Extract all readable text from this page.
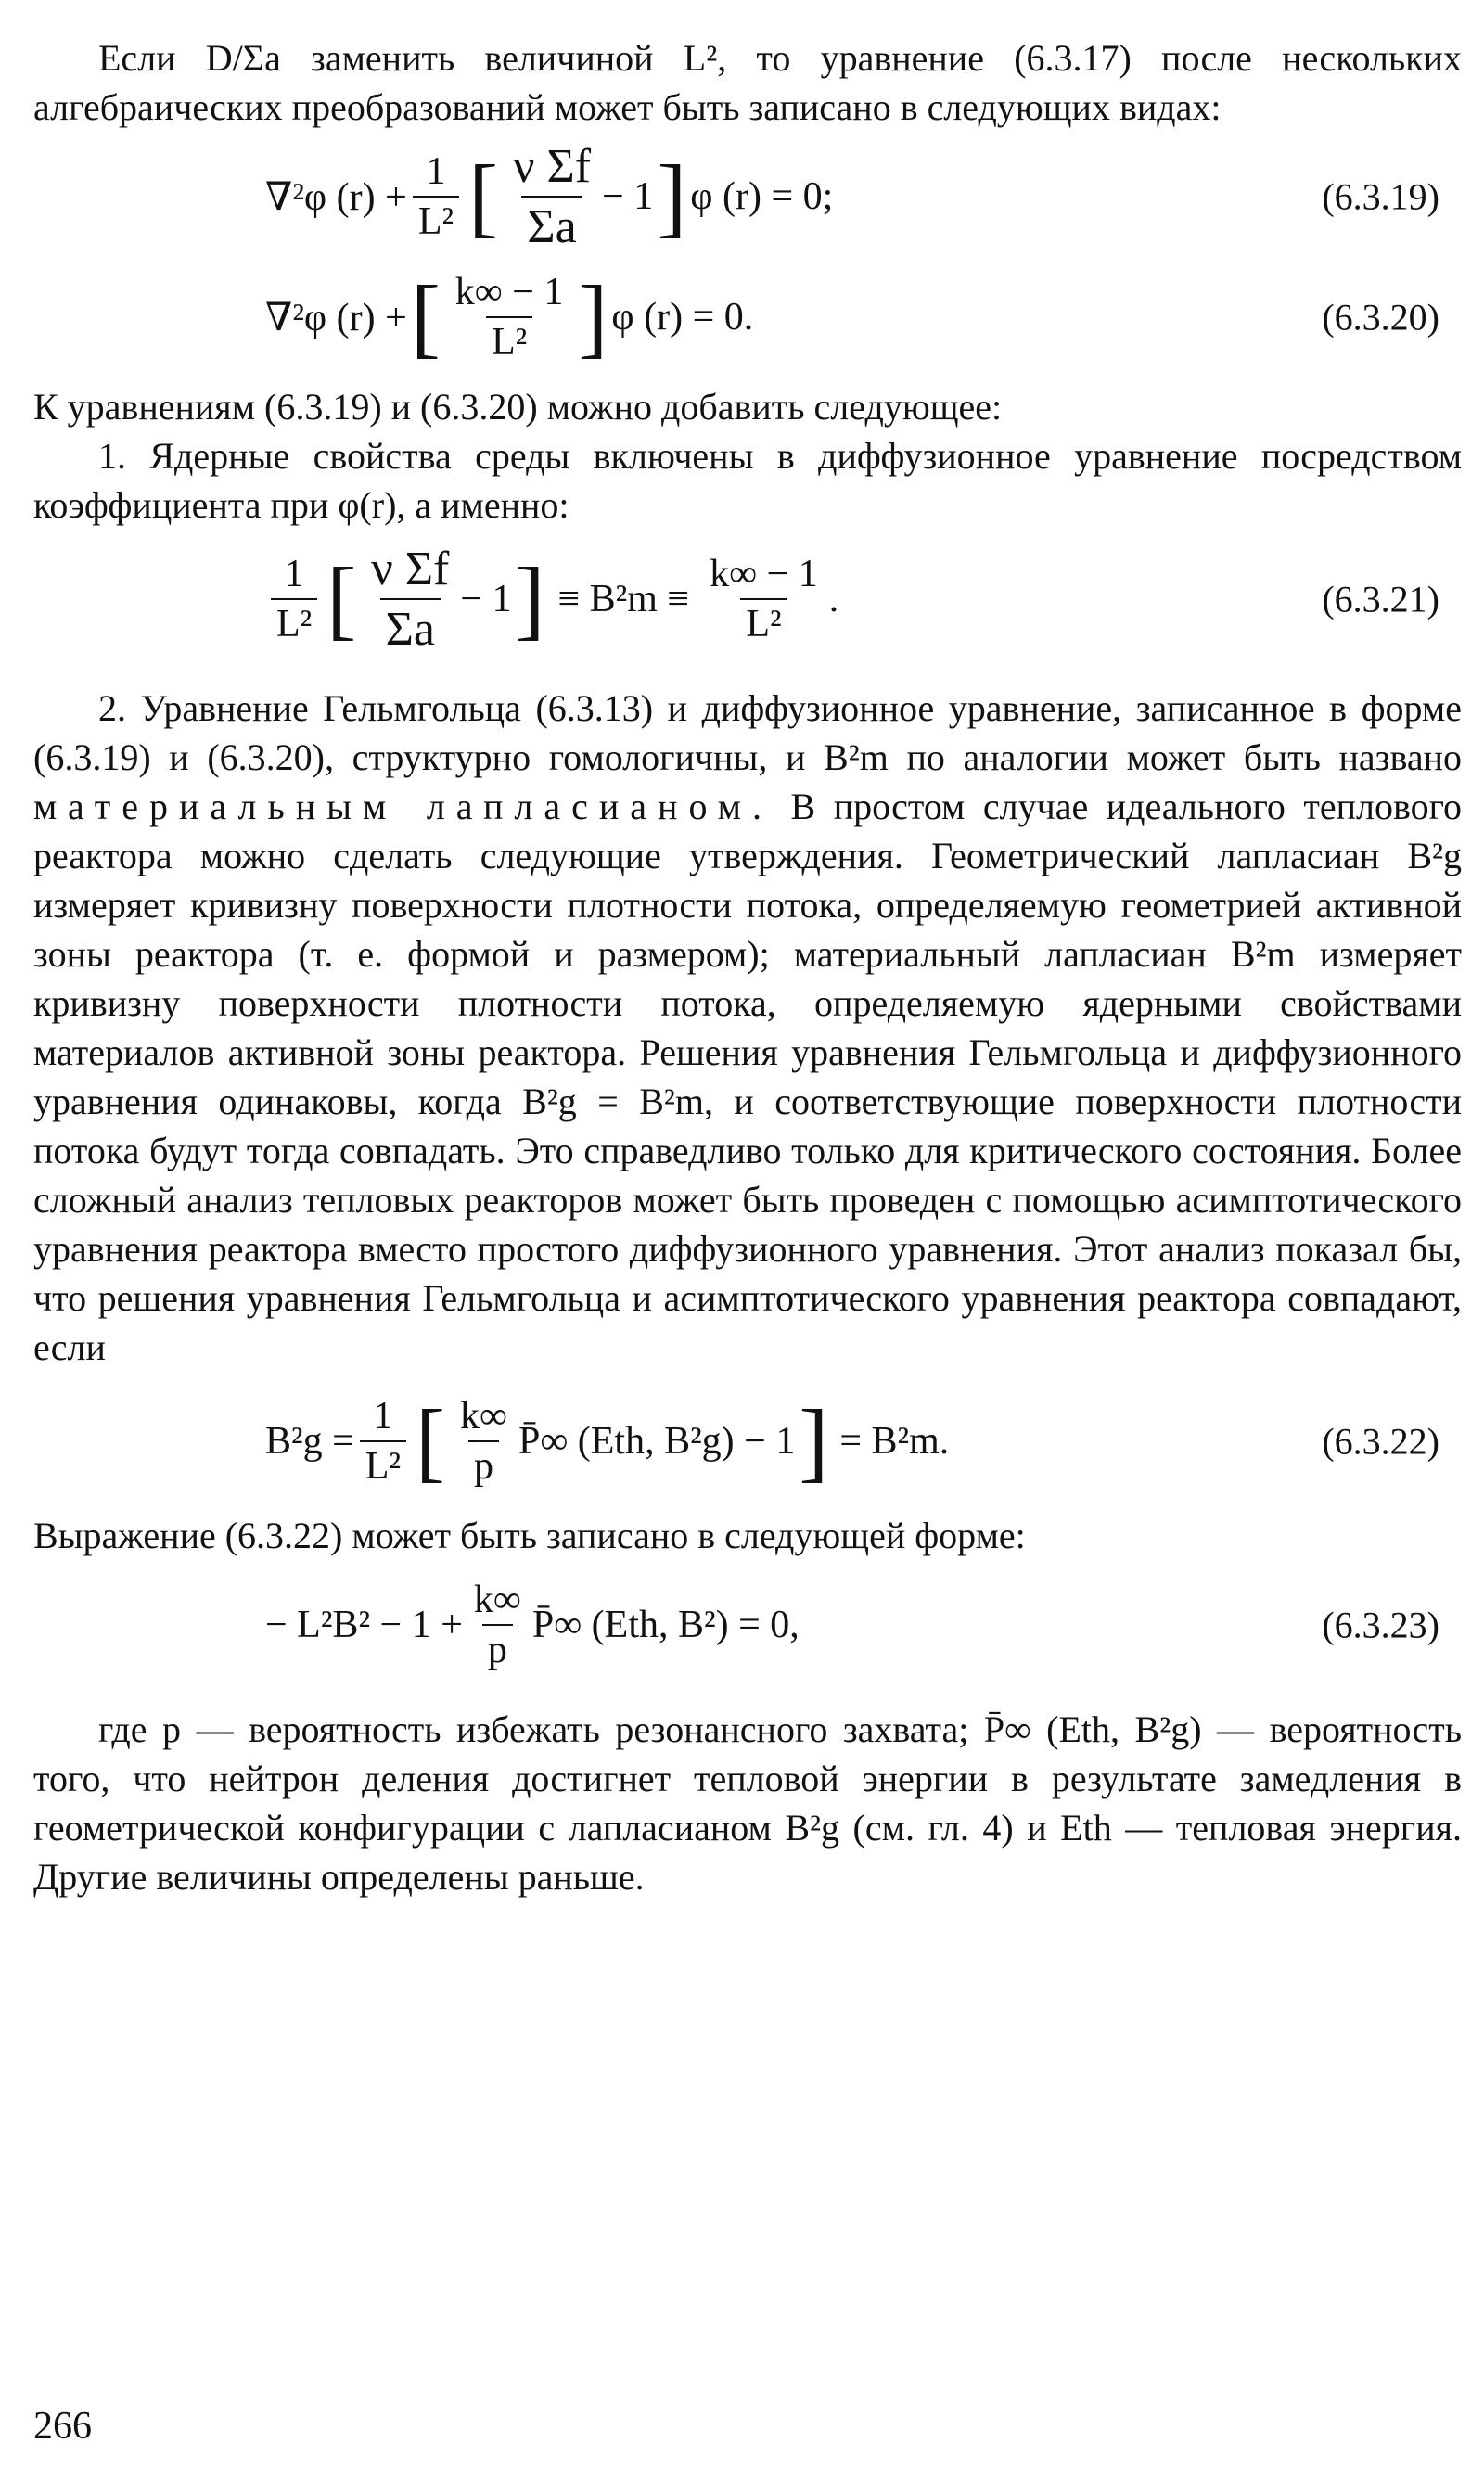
Если D/Σa заменить величиной L², то уравнение (6.3.17) после нескольких алгебраических преобразований может быть записано в следующих видах:

∇²φ $(r) + \frac{1}{\text{L²}}$ [ $\frac{\text{ν Σf}}{\Sigma a} - 1$ ] φ (r) = 0;	(6.3.19)
∇²φ (r) + [ $\frac{k\infty - 1}{\text{L²}}$ ] φ (r) = 0.	(6.3.20)

К уравнениям (6.3.19) и (6.3.20) можно добавить следующее:

1. Ядерные свойства среды включены в диффузионное уравнение посредством коэффициента при φ(r), а именно:

$\frac{1}{\text{L²}}$ [ $\frac{\text{ν Σf}}{\Sigma a} - 1$ ] ≡ $B^2m \equiv \frac{k\infty - 1}{\text{L²}}$ .	(6.3.21)

2. Уравнение Гельмгольца (6.3.13) и диффузионное уравнение, записанное в форме (6.3.19) и (6.3.20), структурно гомологичны, и B²m по аналогии может быть названо материальным лапласианом. В простом случае идеального теплового реактора можно сделать следующие утверждения. Геометрический лапласиан B²g измеряет кривизну поверхности плотности потока, определяемую геометрией активной зоны реактора (т. е. формой и размером); материальный лапласиан B²m измеряет кривизну поверхности плотности потока, определяемую ядерными свойствами материалов активной зоны реактора. Решения уравнения Гельмгольца и диффузионного уравнения одинаковы, когда B²g = B²m, и соответствующие поверхности плотности потока будут тогда совпадать. Это справедливо только для критического состояния. Более сложный анализ тепловых реакторов может быть проведен с помощью асимптотического уравнения реактора вместо простого диффузионного уравнения. Этот анализ показал бы, что решения уравнения Гельмгольца и асимптотического уравнения реактора совпадают, если

$B^2g = \frac{1}{\text{L²}}$ [ $\frac{k\infty}{p}$ P̄∞ (Eth, B²g) − 1 ] = B²m.	(6.3.22)

Выражение (6.3.22) может быть записано в следующей форме:

− $L^2B^2 - 1 + \frac{k\infty}{p}$ P̄∞ (Eth, B²) = 0,	(6.3.23)

где p — вероятность избежать резонансного захвата; P̄∞ (Eth, B²g) — вероятность того, что нейтрон деления достигнет тепловой энергии в результате замедления в геометрической конфигурации с лапласианом B²g (см. гл. 4) и Eth — тепловая энергия. Другие величины определены раньше.

266
